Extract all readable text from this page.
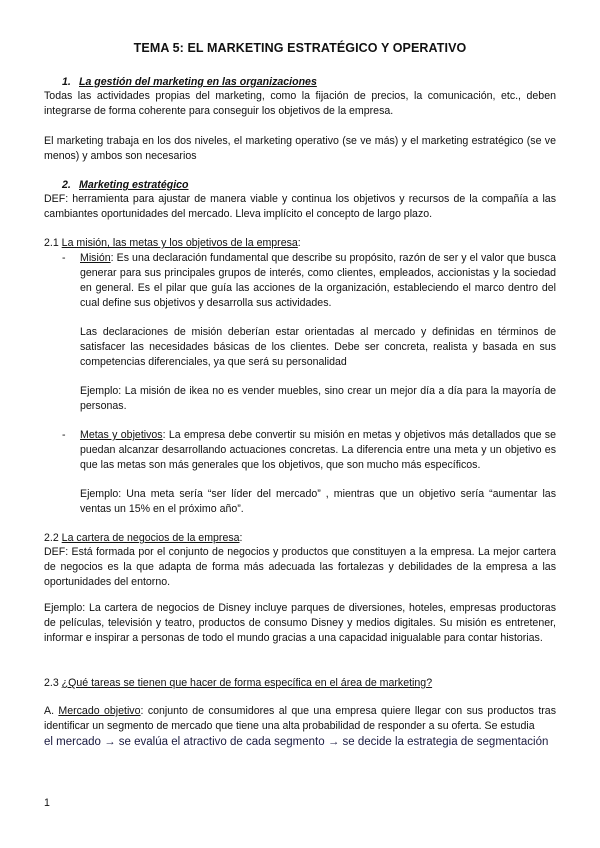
TEMA 5: EL MARKETING ESTRATÉGICO Y OPERATIVO
1. La gestión del marketing en las organizaciones

Todas las actividades propias del marketing, como la fijación de precios, la comunicación, etc., deben integrarse de forma coherente para conseguir los objetivos de la empresa.

El marketing trabaja en los dos niveles, el marketing operativo (se ve más) y el marketing estratégico (se ve menos) y ambos son necesarios

2. Marketing estratégico

DEF: herramienta para ajustar de manera viable y continua los objetivos y recursos de la compañía a las cambiantes oportunidades del mercado. Lleva implícito el concepto de largo plazo.

2.1 La misión, las metas y los objetivos de la empresa:

- Misión: Es una declaración fundamental que describe su propósito, razón de ser y el valor que busca generar para sus principales grupos de interés, como clientes, empleados, accionistas y la sociedad en general. Es el pilar que guía las acciones de la organización, estableciendo el marco dentro del cual define sus objetivos y desarrolla sus actividades.

Las declaraciones de misión deberían estar orientadas al mercado y definidas en términos de satisfacer las necesidades básicas de los clientes. Debe ser concreta, realista y basada en sus competencias diferenciales, ya que será su personalidad

Ejemplo: La misión de ikea no es vender muebles, sino crear un mejor día a día para la mayoría de personas.

- Metas y objetivos: La empresa debe convertir su misión en metas y objetivos más detallados que se puedan alcanzar desarrollando actuaciones concretas. La diferencia entre una meta y un objetivo es que las metas son más generales que los objetivos, que son mucho más específicos.

Ejemplo: Una meta sería “ser líder del mercado” , mientras que un objetivo sería “aumentar las ventas un 15% en el próximo año”.

2.2 La cartera de negocios de la empresa:

DEF: Está formada por el conjunto de negocios y productos que constituyen a la empresa. La mejor cartera de negocios es la que adapta de forma más adecuada las fortalezas y debilidades de la empresa a las oportunidades del entorno.

Ejemplo: La cartera de negocios de Disney incluye parques de diversiones, hoteles, empresas productoras de películas, televisión y teatro, productos de consumo Disney y medios digitales. Su misión es entretener, informar e inspirar a personas de todo el mundo gracias a una capacidad inigualable para contar historias.

2.3 ¿Qué tareas se tienen que hacer de forma específica en el área de marketing?

A. Mercado objetivo: conjunto de consumidores al que una empresa quiere llegar con sus productos tras identificar un segmento de mercado que tiene una alta probabilidad de responder a su oferta. Se estudia

el mercado → se evalúa el atractivo de cada segmento → se decide la estrategia de segmentación

1
